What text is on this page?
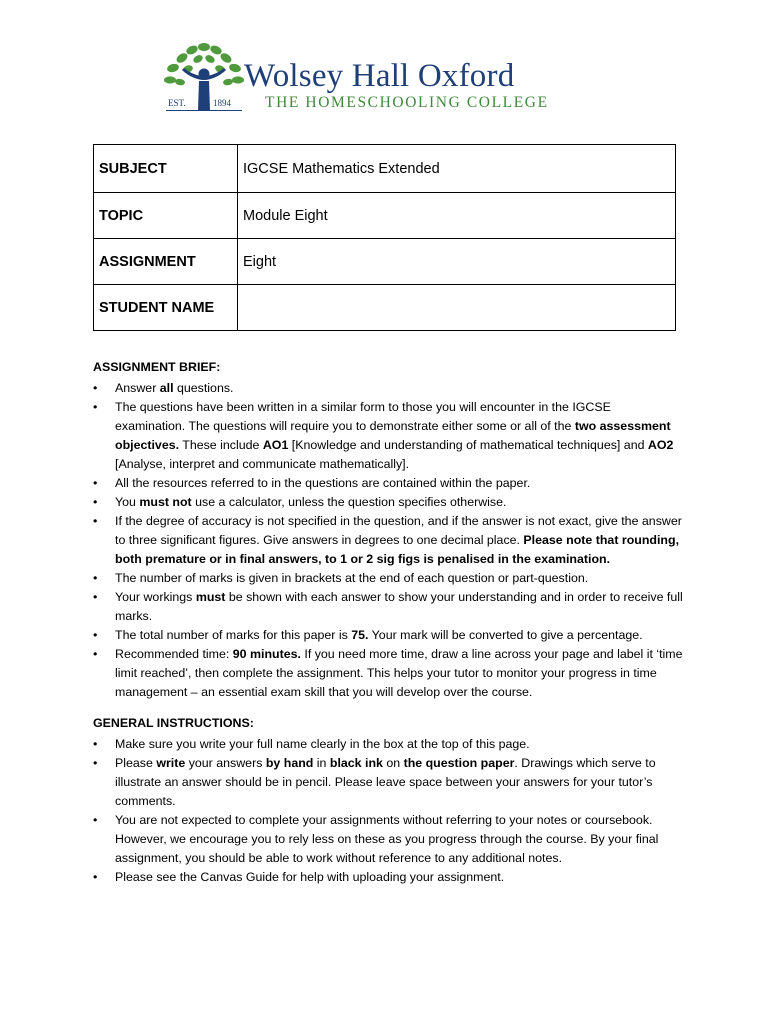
Wolsey Hall Oxford
THE HOMESCHOOLING COLLEGE
EST.	1894
SUBJECT	IGCSE Mathematics Extended
TOPIC	Module Eight
ASSIGNMENT	Eight
STUDENT NAME	

ASSIGNMENT BRIEF:

• Answer all questions.
• The questions have been written in a similar form to those you will encounter in the IGCSE examination. The questions will require you to demonstrate either some or all of the two assessment objectives. These include AO1 [Knowledge and understanding of mathematical techniques] and AO2 [Analyse, interpret and communicate mathematically].
• All the resources referred to in the questions are contained within the paper.
• You must not use a calculator, unless the question specifies otherwise.
• If the degree of accuracy is not specified in the question, and if the answer is not exact, give the answer to three significant figures. Give answers in degrees to one decimal place. Please note that rounding, both premature or in final answers, to 1 or 2 sig figs is penalised in the examination.
• The number of marks is given in brackets at the end of each question or part-question.
• Your workings must be shown with each answer to show your understanding and in order to receive full marks.
• The total number of marks for this paper is 75. Your mark will be converted to give a percentage.
• Recommended time: 90 minutes. If you need more time, draw a line across your page and label it ‘time limit reached’, then complete the assignment. This helps your tutor to monitor your progress in time management – an essential exam skill that you will develop over the course.

GENERAL INSTRUCTIONS:

• Make sure you write your full name clearly in the box at the top of this page.
• Please write your answers by hand in black ink on the question paper. Drawings which serve to illustrate an answer should be in pencil. Please leave space between your answers for your tutor’s comments.
• You are not expected to complete your assignments without referring to your notes or coursebook. However, we encourage you to rely less on these as you progress through the course. By your final assignment, you should be able to work without reference to any additional notes.
• Please see the Canvas Guide for help with uploading your assignment.
